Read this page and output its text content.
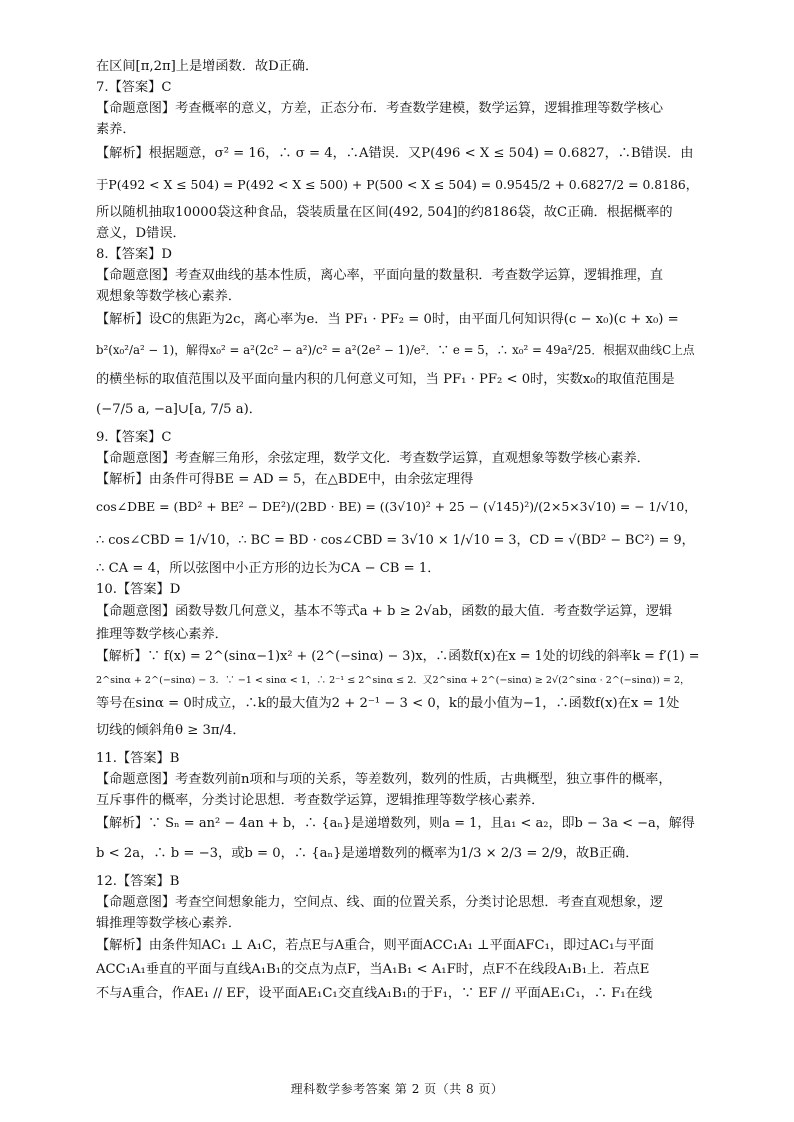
在区间[π,2π]上是增函数．故D正确．

7.【答案】C

【命题意图】考查概率的意义，方差，正态分布．考查数学建模，数学运算，逻辑推理等数学核心

素养．

【解析】根据题意，σ² = 16，∴ σ = 4，∴A错误．又P(496 < X ≤ 504) = 0.6827，∴B错误．由

于P(492 < X ≤ 504) = P(492 < X ≤ 500) + P(500 < X ≤ 504) = 0.9545/2 + 0.6827/2 = 0.8186，

所以随机抽取10000袋这种食品，袋装质量在区间(492, 504]的约8186袋，故C正确．根据概率的

意义，D错误．

8.【答案】D

【命题意图】考查双曲线的基本性质，离心率，平面向量的数量积．考查数学运算，逻辑推理，直

观想象等数学核心素养．

【解析】设C的焦距为2c，离心率为e．当 PF₁ · PF₂ = 0时，由平面几何知识得(c − x₀)(c + x₀) =

b²(x₀²/a² − 1)，解得x₀² = a²(2c² − a²)/c² = a²(2e² − 1)/e²．∵ e = 5，∴ x₀² = 49a²/25．根据双曲线C上点

的横坐标的取值范围以及平面向量内积的几何意义可知，当 PF₁ · PF₂ < 0时，实数x₀的取值范围是

(−7/5 a, −a]∪[a, 7/5 a)．

9.【答案】C

【命题意图】考查解三角形，余弦定理，数学文化．考查数学运算，直观想象等数学核心素养．

【解析】由条件可得BE = AD = 5，在△BDE中，由余弦定理得

cos∠DBE = (BD² + BE² − DE²)/(2BD · BE) = ((3√10)² + 25 − (√145)²)/(2×5×3√10) = − 1/√10，

∴ cos∠CBD = 1/√10，∴ BC = BD · cos∠CBD = 3√10 × 1/√10 = 3，CD = √(BD² − BC²) = 9，

∴ CA = 4，所以弦图中小正方形的边长为CA − CB = 1．

10.【答案】D

【命题意图】函数导数几何意义，基本不等式a + b ≥ 2√ab，函数的最大值．考查数学运算，逻辑

推理等数学核心素养．

【解析】∵ f(x) = 2^(sinα−1)x² + (2^(−sinα) − 3)x，∴函数f(x)在x = 1处的切线的斜率k = f′(1) =

2^sinα + 2^(−sinα) − 3．∵ −1 < sinα < 1，∴ 2⁻¹ ≤ 2^sinα ≤ 2．又2^sinα + 2^(−sinα) ≥ 2√(2^sinα · 2^(−sinα)) = 2，

等号在sinα = 0时成立，∴k的最大值为2 + 2⁻¹ − 3 < 0，k的最小值为−1，∴函数f(x)在x = 1处

切线的倾斜角θ ≥ 3π/4．

11.【答案】B

【命题意图】考查数列前n项和与项的关系，等差数列，数列的性质，古典概型，独立事件的概率，

互斥事件的概率，分类讨论思想．考查数学运算，逻辑推理等数学核心素养．

【解析】∵ Sₙ = an² − 4an + b，∴ {aₙ}是递增数列，则a = 1，且a₁ < a₂，即b − 3a < −a，解得

b < 2a，∴ b = −3，或b = 0，∴ {aₙ}是递增数列的概率为1/3 × 2/3 = 2/9，故B正确．

12.【答案】B

【命题意图】考查空间想象能力，空间点、线、面的位置关系，分类讨论思想．考查直观想象，逻

辑推理等数学核心素养．

【解析】由条件知AC₁ ⊥ A₁C，若点E与A重合，则平面ACC₁A₁ ⊥平面AFC₁，即过AC₁与平面

ACC₁A₁垂直的平面与直线A₁B₁的交点为点F，当A₁B₁ < A₁F时，点F不在线段A₁B₁上．若点E

不与A重合，作AE₁ // EF，设平面AE₁C₁交直线A₁B₁的于F₁，∵ EF // 平面AE₁C₁，∴ F₁在线

理科数学参考答案 第 2 页（共 8 页）
